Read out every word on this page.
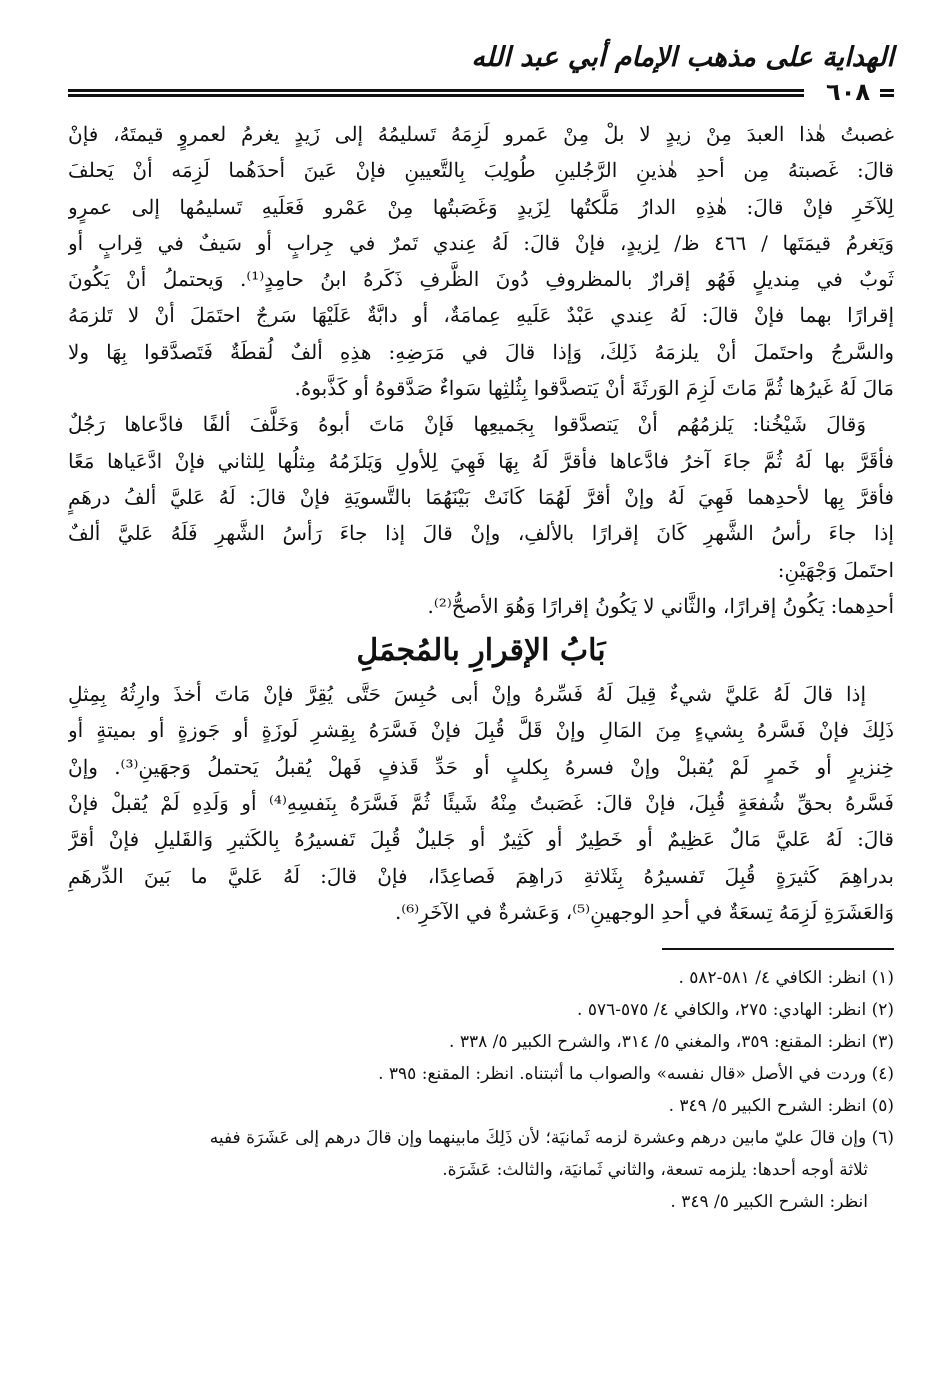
الهداية على مذهب الإمام أبي عبد الله
٦٠٨
غصبتُ هٰذا العبدَ مِنْ زيدٍ لا بلْ مِنْ عَمرو لَزِمَهُ تَسليمُهُ إلى زَيدٍ يغرمُ لعمروٍ قيمتَهُ، فإنْ
قالَ: غَصبتهُ مِن أحدِ هٰذينِ الرَّجُلينِ طُولِبَ بِالتَّعيينِ فإنْ عَينَ أحدَهُما لَزِمَه أنْ يَحلفَ
لِلآخَرِ فإنْ قالَ: هٰذِهِ الدارُ مَلَّكتُها لِزَيدٍ وَغَصَبتُها مِنْ عَمْرو فَعَلَيهِ تَسليمُها إلى عمرٍو
وَيَغرمُ قيمَتَها / ٤٦٦ ظ/ لِزيدٍ، فإنْ قالَ: لَهُ عِندي تَمرٌ في جِرابٍ أو سَيفٌ في قِرابٍ أو
ثَوبٌ في مِنديلٍ فَهُو إقرارٌ بالمظروفِ دُونَ الظَّرفِ ذَكَرهُ ابنُ حامِدٍ⁽¹⁾. وَيحتملُ أنْ يَكُونَ
إقرارًا بهما فإنْ قالَ: لَهُ عِندي عَبْدٌ عَلَيهِ عِمامَةٌ، أو دابَّةٌ عَلَيْهَا سَرجٌ احتَمَلَ أنْ لا تَلزمَهُ
والسَّرجُ واحتَملَ أنْ يلزمَهُ ذَلِكَ، وَإذا قالَ في مَرَضِهِ: هذِهِ ألفٌ لُقطَةٌ فَتَصدَّقوا بِهَا ولا
مَالَ لَهُ غَيرُها ثُمَّ مَاتَ لَزِمَ الوَرثَةَ أنْ يَتصدَّقوا بِثُلثِها سَواءٌ صَدَّقوهُ أو كَذَّبوهُ.
وَقالَ شَيْخُنا: يَلزمُهُم أنْ يَتصدَّقوا بِجَميعِها فَإنْ مَاتَ أبوهُ وَخَلَّفَ ألفًا فادَّعاها رَجُلٌ
فأقَرَّ بها لَهُ ثُمَّ جاءَ آخرُ فادَّعاها فأقرَّ لَهُ بِهَا فَهِيَ لِلأولِ وَيَلزَمُهُ مِثلُها لِلثاني فإنْ ادَّعَياها مَعًا
فأقرَّ بِها لأحدِهما فَهِيَ لَهُ وإنْ أقرَّ لَهُمَا كَانَتْ بَيْنَهُمَا بالتَّسويَةِ فإنْ قالَ: لَهُ عَليَّ ألفُ درهَمٍ
إذا جاءَ رأسُ الشَّهرِ كَانَ إقرارًا بالألفِ، وإنْ قالَ إذا جاءَ رَأسُ الشَّهرِ فَلَهُ عَليَّ ألفٌ
احتَملَ وَجْهَيْنِ:
أحدِهما: يَكُونُ إقرارًا، والثَّاني لا يَكُونُ إقرارًا وَهُوَ الأصحُّ⁽²⁾.
بَابُ الإقرارِ بالمُجمَلِ
إذا قالَ لَهُ عَليَّ شيءٌ قِيلَ لَهُ فَسِّرهُ وإنْ أبى حُبِسَ حَتَّى يُقِرَّ فإنْ مَاتَ أخذَ وارِثُهُ بِمِثلِ
ذَلِكَ فإنْ فَسَّرهُ بِشيءٍ مِنَ المَالِ وإنْ قَلَّ قُبِلَ فإنْ فَسَّرَهُ بِقِشرِ لَوزَةٍ أو جَوزةٍ أو بميتةٍ أو
خِنزيرٍ أو خَمرٍ لَمْ يُقبلْ وإنْ فسرهُ بِكلبٍ أو حَدِّ قَذفٍ فَهلْ يُقبلُ يَحتملُ وَجهَينِ⁽³⁾. وإنْ
فَسَّرهُ بحقِّ شُفعَةٍ قُبِلَ، فإنْ قالَ: غَصَبتُ مِنْهُ شَيئًا ثُمَّ فَسَّرَهُ بِنَفسِهِ⁽⁴⁾ أو وَلَدِهِ لَمْ يُقبلْ فإنْ
قالَ: لَهُ عَليَّ مَالٌ عَظِيمٌ أو خَطِيرٌ أو كَثِيرٌ أو جَليلٌ قُبِلَ تَفسيرُهُ بِالكَثيرِ وَالقَليلِ فإنْ أقرَّ
بدراهِمَ كَثيرَةٍ قُبِلَ تَفسيرُهُ بِثَلاثةِ دَراهِمَ فَصاعِدًا، فإنْ قالَ: لَهُ عَليَّ ما بَينَ الدِّرهَمِ
وَالعَشَرَةِ لَزِمَهُ تِسعَةٌ في أحدِ الوجهينِ⁽⁵⁾، وَعَشرةٌ في الآخَرِ⁽⁶⁾.
(١) انظر: الكافي ٤/ ٥٨١-٥٨٢ .
(٢) انظر: الهادي: ٢٧٥، والكافي ٤/ ٥٧٥-٥٧٦ .
(٣) انظر: المقنع: ٣٥٩، والمغني ٥/ ٣١٤، والشرح الكبير ٥/ ٣٣٨ .
(٤) وردت في الأصل «قال نفسه» والصواب ما أثبتناه. انظر: المقنع: ٣٩٥ .
(٥) انظر: الشرح الكبير ٥/ ٣٤٩ .
(٦) وإن قالَ عليّ مابين درهم وعشرة لزمه ثَمانيَة؛ لأن ذَلِكَ مابينهما وإن قالَ درهم إلى عَشَرَة ففيه
ثلاثة أوجه أحدها: يلزمه تسعة، والثاني ثَمانيَة، والثالث: عَشَرَة.
انظر: الشرح الكبير ٥/ ٣٤٩ .
